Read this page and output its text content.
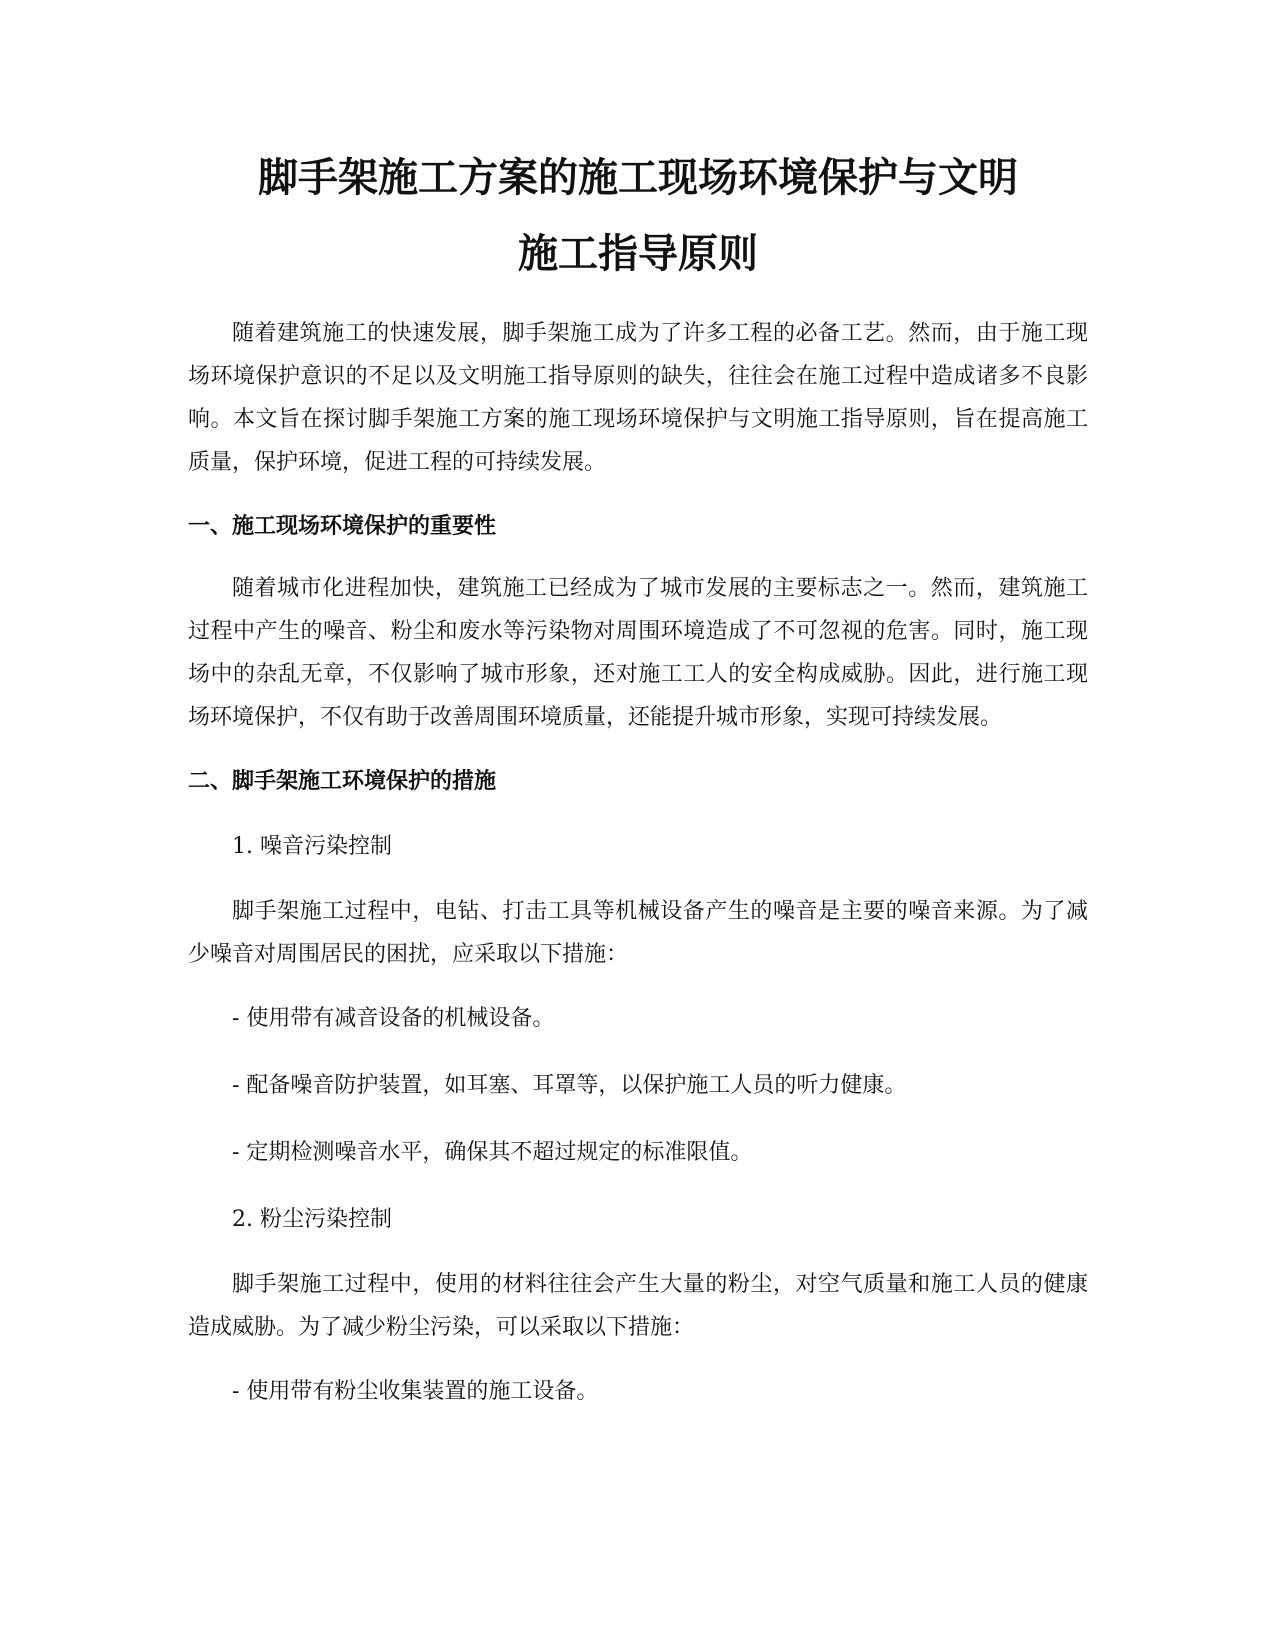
脚手架施工方案的施工现场环境保护与文明
施工指导原则

随着建筑施工的快速发展，脚手架施工成为了许多工程的必备工艺。然而，由于施工现场环境保护意识的不足以及文明施工指导原则的缺失，往往会在施工过程中造成诸多不良影响。本文旨在探讨脚手架施工方案的施工现场环境保护与文明施工指导原则，旨在提高施工质量，保护环境，促进工程的可持续发展。

一、施工现场环境保护的重要性

随着城市化进程加快，建筑施工已经成为了城市发展的主要标志之一。然而，建筑施工过程中产生的噪音、粉尘和废水等污染物对周围环境造成了不可忽视的危害。同时，施工现场中的杂乱无章，不仅影响了城市形象，还对施工工人的安全构成威胁。因此，进行施工现场环境保护，不仅有助于改善周围环境质量，还能提升城市形象，实现可持续发展。

二、脚手架施工环境保护的措施

1. 噪音污染控制

脚手架施工过程中，电钻、打击工具等机械设备产生的噪音是主要的噪音来源。为了减少噪音对周围居民的困扰，应采取以下措施：

- 使用带有减音设备的机械设备。

- 配备噪音防护装置，如耳塞、耳罩等，以保护施工人员的听力健康。

- 定期检测噪音水平，确保其不超过规定的标准限值。

2. 粉尘污染控制

脚手架施工过程中，使用的材料往往会产生大量的粉尘，对空气质量和施工人员的健康造成威胁。为了减少粉尘污染，可以采取以下措施：

- 使用带有粉尘收集装置的施工设备。
